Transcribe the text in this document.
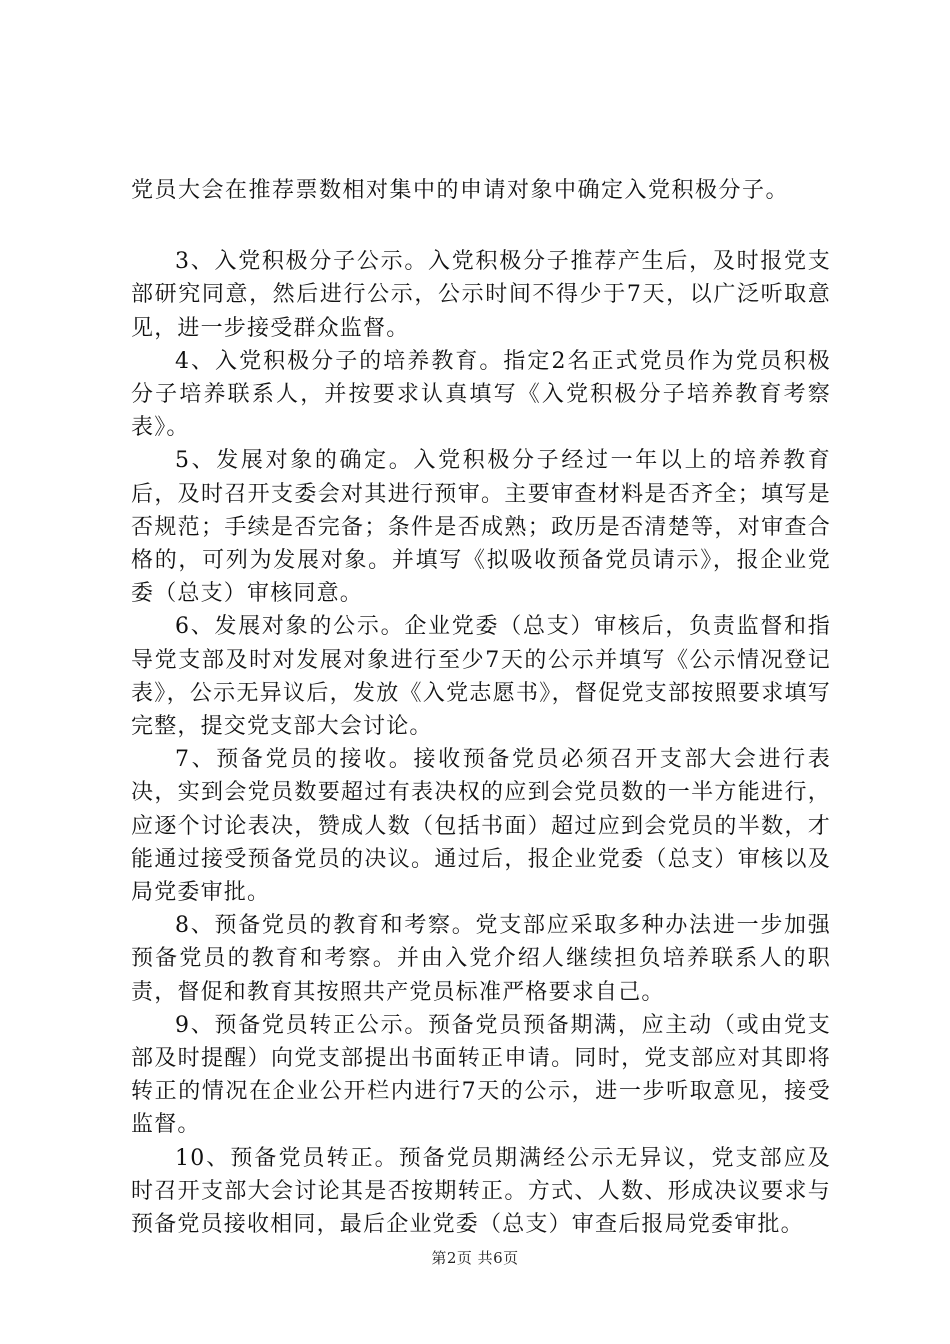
党员大会在推荐票数相对集中的申请对象中确定入党积极分子。

3、入党积极分子公示。入党积极分子推荐产生后，及时报党支部研究同意，然后进行公示，公示时间不得少于7天，以广泛听取意见，进一步接受群众监督。

4、入党积极分子的培养教育。指定2名正式党员作为党员积极分子培养联系人，并按要求认真填写《入党积极分子培养教育考察表》。

5、发展对象的确定。入党积极分子经过一年以上的培养教育后，及时召开支委会对其进行预审。主要审查材料是否齐全；填写是否规范；手续是否完备；条件是否成熟；政历是否清楚等，对审查合格的，可列为发展对象。并填写《拟吸收预备党员请示》，报企业党委（总支）审核同意。

6、发展对象的公示。企业党委（总支）审核后，负责监督和指导党支部及时对发展对象进行至少7天的公示并填写《公示情况登记表》，公示无异议后，发放《入党志愿书》，督促党支部按照要求填写完整，提交党支部大会讨论。

7、预备党员的接收。接收预备党员必须召开支部大会进行表决，实到会党员数要超过有表决权的应到会党员数的一半方能进行，应逐个讨论表决，赞成人数（包括书面）超过应到会党员的半数，才能通过接受预备党员的决议。通过后，报企业党委（总支）审核以及局党委审批。

8、预备党员的教育和考察。党支部应采取多种办法进一步加强预备党员的教育和考察。并由入党介绍人继续担负培养联系人的职责，督促和教育其按照共产党员标准严格要求自己。

9、预备党员转正公示。预备党员预备期满，应主动（或由党支部及时提醒）向党支部提出书面转正申请。同时，党支部应对其即将转正的情况在企业公开栏内进行7天的公示，进一步听取意见，接受监督。

10、预备党员转正。预备党员期满经公示无异议，党支部应及时召开支部大会讨论其是否按期转正。方式、人数、形成决议要求与预备党员接收相同，最后企业党委（总支）审查后报局党委审批。

第2页 共6页
